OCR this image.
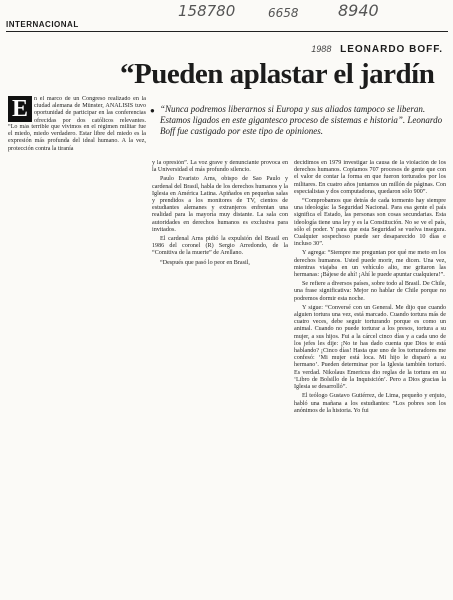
158780	6658 8940
INTERNACIONAL
1988 LEONARDO BOFF.
“Pueden aplastar el jardín
E n el marco de un Congreso realizado en la ciudad alemana de Münster, ANALISIS tuvo oportunidad de participar en las conferencias ofrecidas por dos católicos relevantes.

“Lo más terrible que vivimos en el régimen militar fue el miedo, miedo verdadero. Estar libre del miedo es la expresión más profunda del ideal humano. A la vez, protección contra la tiranía

● “Nunca podremos liberarnos si Europa y sus aliados tampoco se liberan. Estamos ligados en este gigantesco proceso de sistemas e historia”. Leonardo Boff fue castigado por este tipo de opiniones.

y la opresión”. La voz grave y denunciante provoca en la Universidad el más profundo silencio.

Paulo Evaristo Arns, obispo de Sao Paulo y cardenal del Brasil, habla de los derechos humanos y la Iglesia en América Latina. Apiñados en pequeñas salas y prendidos a los monitores de TV, cientos de estudiantes alemanes y extranjeros enfrentan una realidad para la mayoría muy distante. La sala con autoridades en derechos humanos es exclusiva para invitados.

El cardenal Arns pidió la expulsión del Brasil en 1986 del coronel (R) Sergio Arredondo, de la “Comitiva de la muerte” de Arellano.

“Después que pasó lo peor en Brasil,

decidimos en 1979 investigar la causa de la violación de los derechos humanos. Copiamos 707 procesos de gente que con el valor de contar la forma en que fueron torturados por los militares. En cuatro años juntamos un millón de páginas. Con especialistas y dos computadoras, quedaron sólo 900”.

“Comprobamos que detrás de cada tormento hay siempre una ideología: la Seguridad Nacional. Para esa gente el país significa el Estado, las personas son cosas secundarias. Esta ideología tiene una ley y es la Constitución. No se ve el país, sólo el poder. Y para que esta Seguridad se vuelva insegura. Cualquier sospechoso puede ser desaparecido 10 días e incluso 30”.

Y agrega: “Siempre me preguntan por qué me meto en los derechos humanos. Usted puede morir, me dicen. Una vez, mientras viajaba en un vehículo alto, me gritaron las hermanas: ¡Bájese de ahí! ¡Ahí le puede apuntar cualquiera!”.

Se refiere a diversos países, sobre todo al Brasil. De Chile, una frase significativa: Mejor no hablar de Chile porque no podremos dormir esta noche.

Y sigue: “Conversé con un General. Me dijo que cuando alguien tortura una vez, está marcado. Cuando tortura más de cuatro veces, debe seguir torturando porque es como un animal. Cuando no puede torturar a los presos, tortura a su mujer, a sus hijos. Fui a la cárcel cinco días y a cada uno de los jefes les dije: ¡No te has dado cuenta que Dios te está hablando? ¡Cinco días! Hasta que uno de los torturadores me confesó: ‘Mi mujer está loca. Mi hijo le disparó a su hermano’. Pueden determinar por la Iglesia también torturó. Es verdad. Nikolaus Emericus dio reglas de la tortura en su ‘Libro de Bolsillo de la Inquisición’. Pero a Dios gracias la Iglesia se desarrolló”.

El teólogo Gustavo Gutiérrez, de Lima, pequeño y enjuto, habló una mañana a los estudiantes: “Los pobres son los anónimos de la historia. Yo fui
